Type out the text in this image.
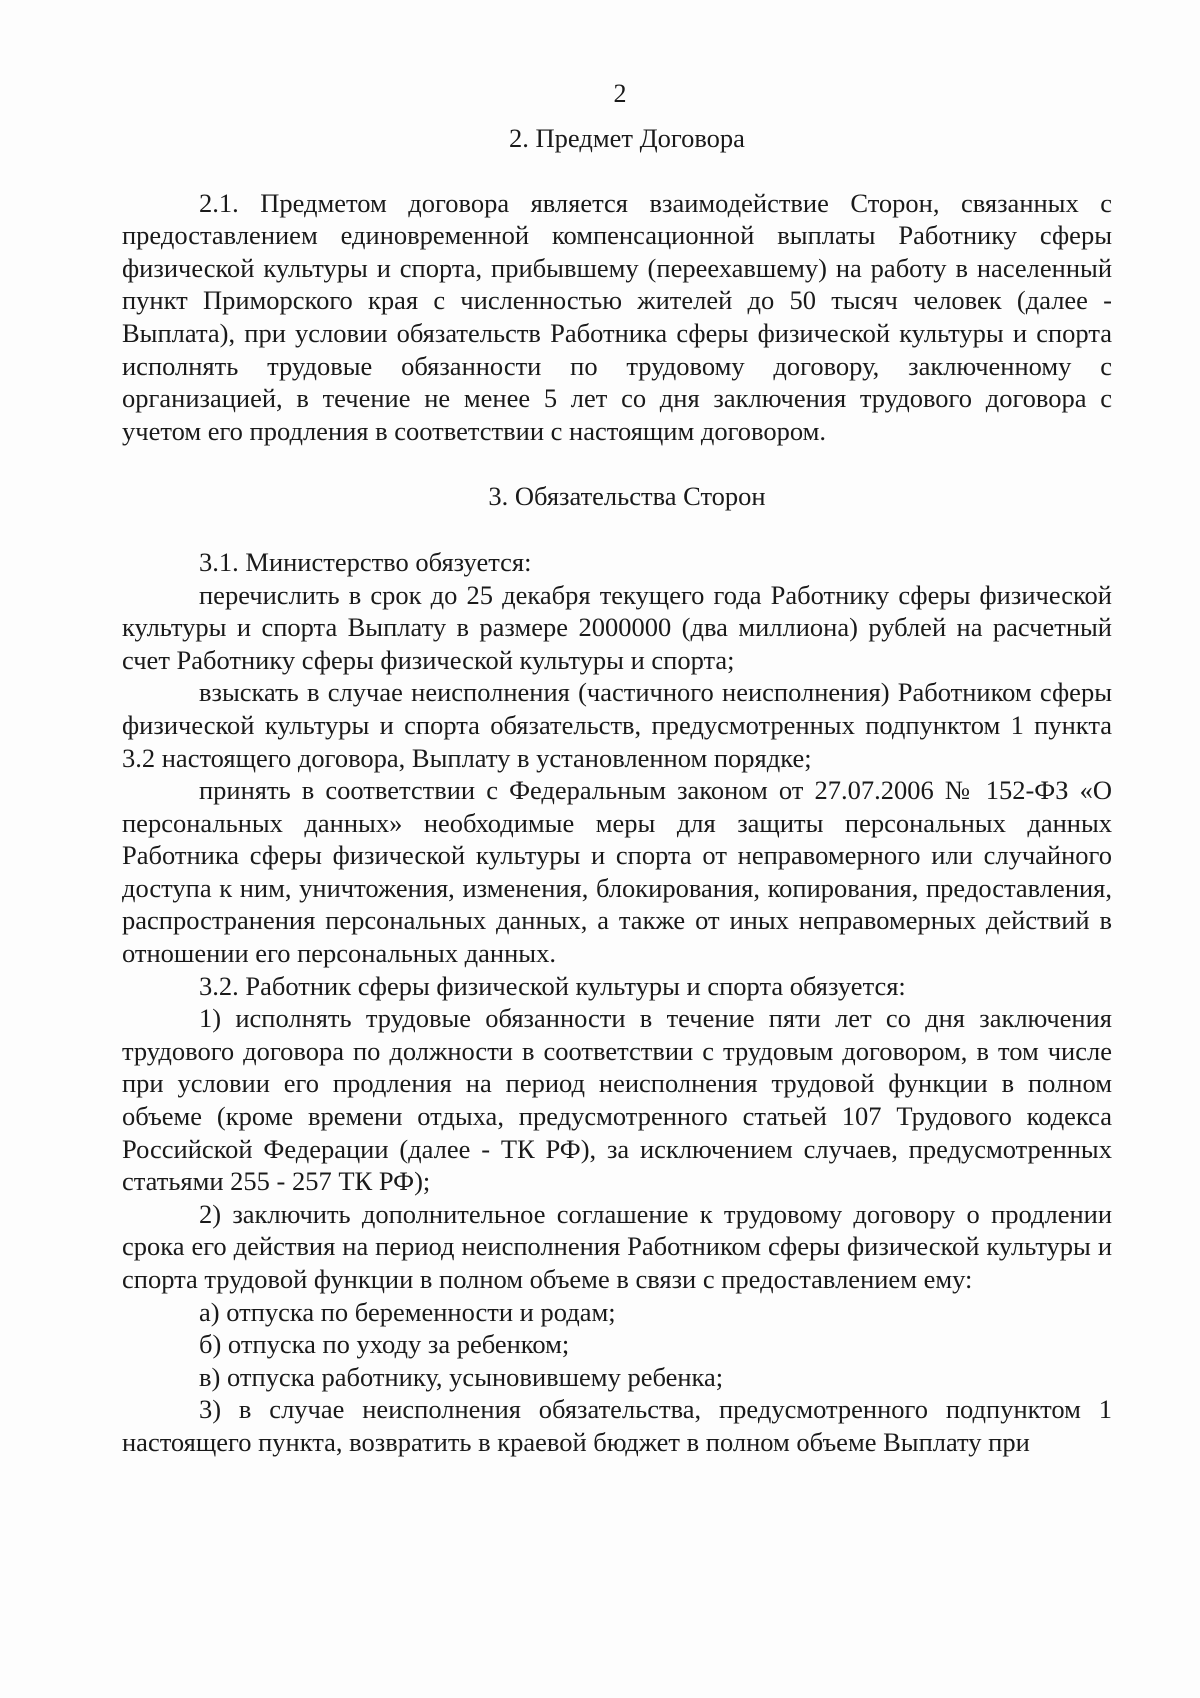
2

2. Предмет Договора

2.1. Предметом договора является взаимодействие Сторон, связанных с предоставлением единовременной компенсационной выплаты Работнику сферы физической культуры и спорта, прибывшему (переехавшему) на работу в населенный пункт Приморского края с численностью жителей до 50 тысяч человек (далее - Выплата), при условии обязательств Работника сферы физической культуры и спорта исполнять трудовые обязанности по трудовому договору, заключенному с организацией, в течение не менее 5 лет со дня заключения трудового договора с учетом его продления в соответствии с настоящим договором.

3. Обязательства Сторон

3.1. Министерство обязуется:

перечислить в срок до 25 декабря текущего года Работнику сферы физической культуры и спорта Выплату в размере 2000000 (два миллиона) рублей на расчетный счет Работнику сферы физической культуры и спорта;

взыскать в случае неисполнения (частичного неисполнения) Работником сферы физической культуры и спорта обязательств, предусмотренных подпунктом 1 пункта 3.2 настоящего договора, Выплату в установленном порядке;

принять в соответствии с Федеральным законом от 27.07.2006 № 152-ФЗ «О персональных данных» необходимые меры для защиты персональных данных Работника сферы физической культуры и спорта от неправомерного или случайного доступа к ним, уничтожения, изменения, блокирования, копирования, предоставления, распространения персональных данных, а также от иных неправомерных действий в отношении его персональных данных.

3.2. Работник сферы физической культуры и спорта обязуется:

1) исполнять трудовые обязанности в течение пяти лет со дня заключения трудового договора по должности в соответствии с трудовым договором, в том числе при условии его продления на период неисполнения трудовой функции в полном объеме (кроме времени отдыха, предусмотренного статьей 107 Трудового кодекса Российской Федерации (далее - ТК РФ), за исключением случаев, предусмотренных статьями 255 - 257 ТК РФ);

2) заключить дополнительное соглашение к трудовому договору о продлении срока его действия на период неисполнения Работником сферы физической культуры и спорта трудовой функции в полном объеме в связи с предоставлением ему:

а) отпуска по беременности и родам;

б) отпуска по уходу за ребенком;

в) отпуска работнику, усыновившему ребенка;

3) в случае неисполнения обязательства, предусмотренного подпунктом 1 настоящего пункта, возвратить в краевой бюджет в полном объеме Выплату при
